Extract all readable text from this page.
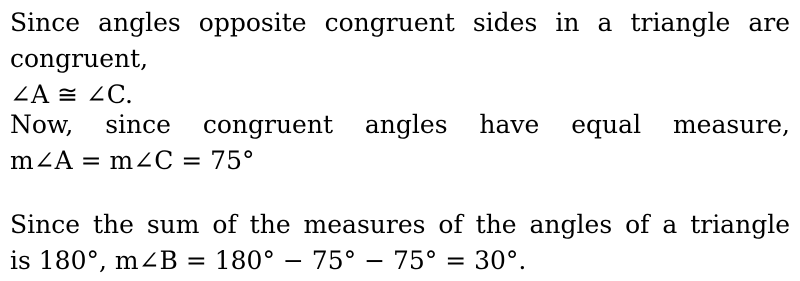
Since angles opposite congruent sides in a triangle are congruent,
∠A ≅ ∠C.
Now, since congruent angles have equal measure,
m∠A = m∠C = 75°
Since the sum of the measures of the angles of a triangle
is 180°, m∠B = 180° − 75° − 75° = 30°.
